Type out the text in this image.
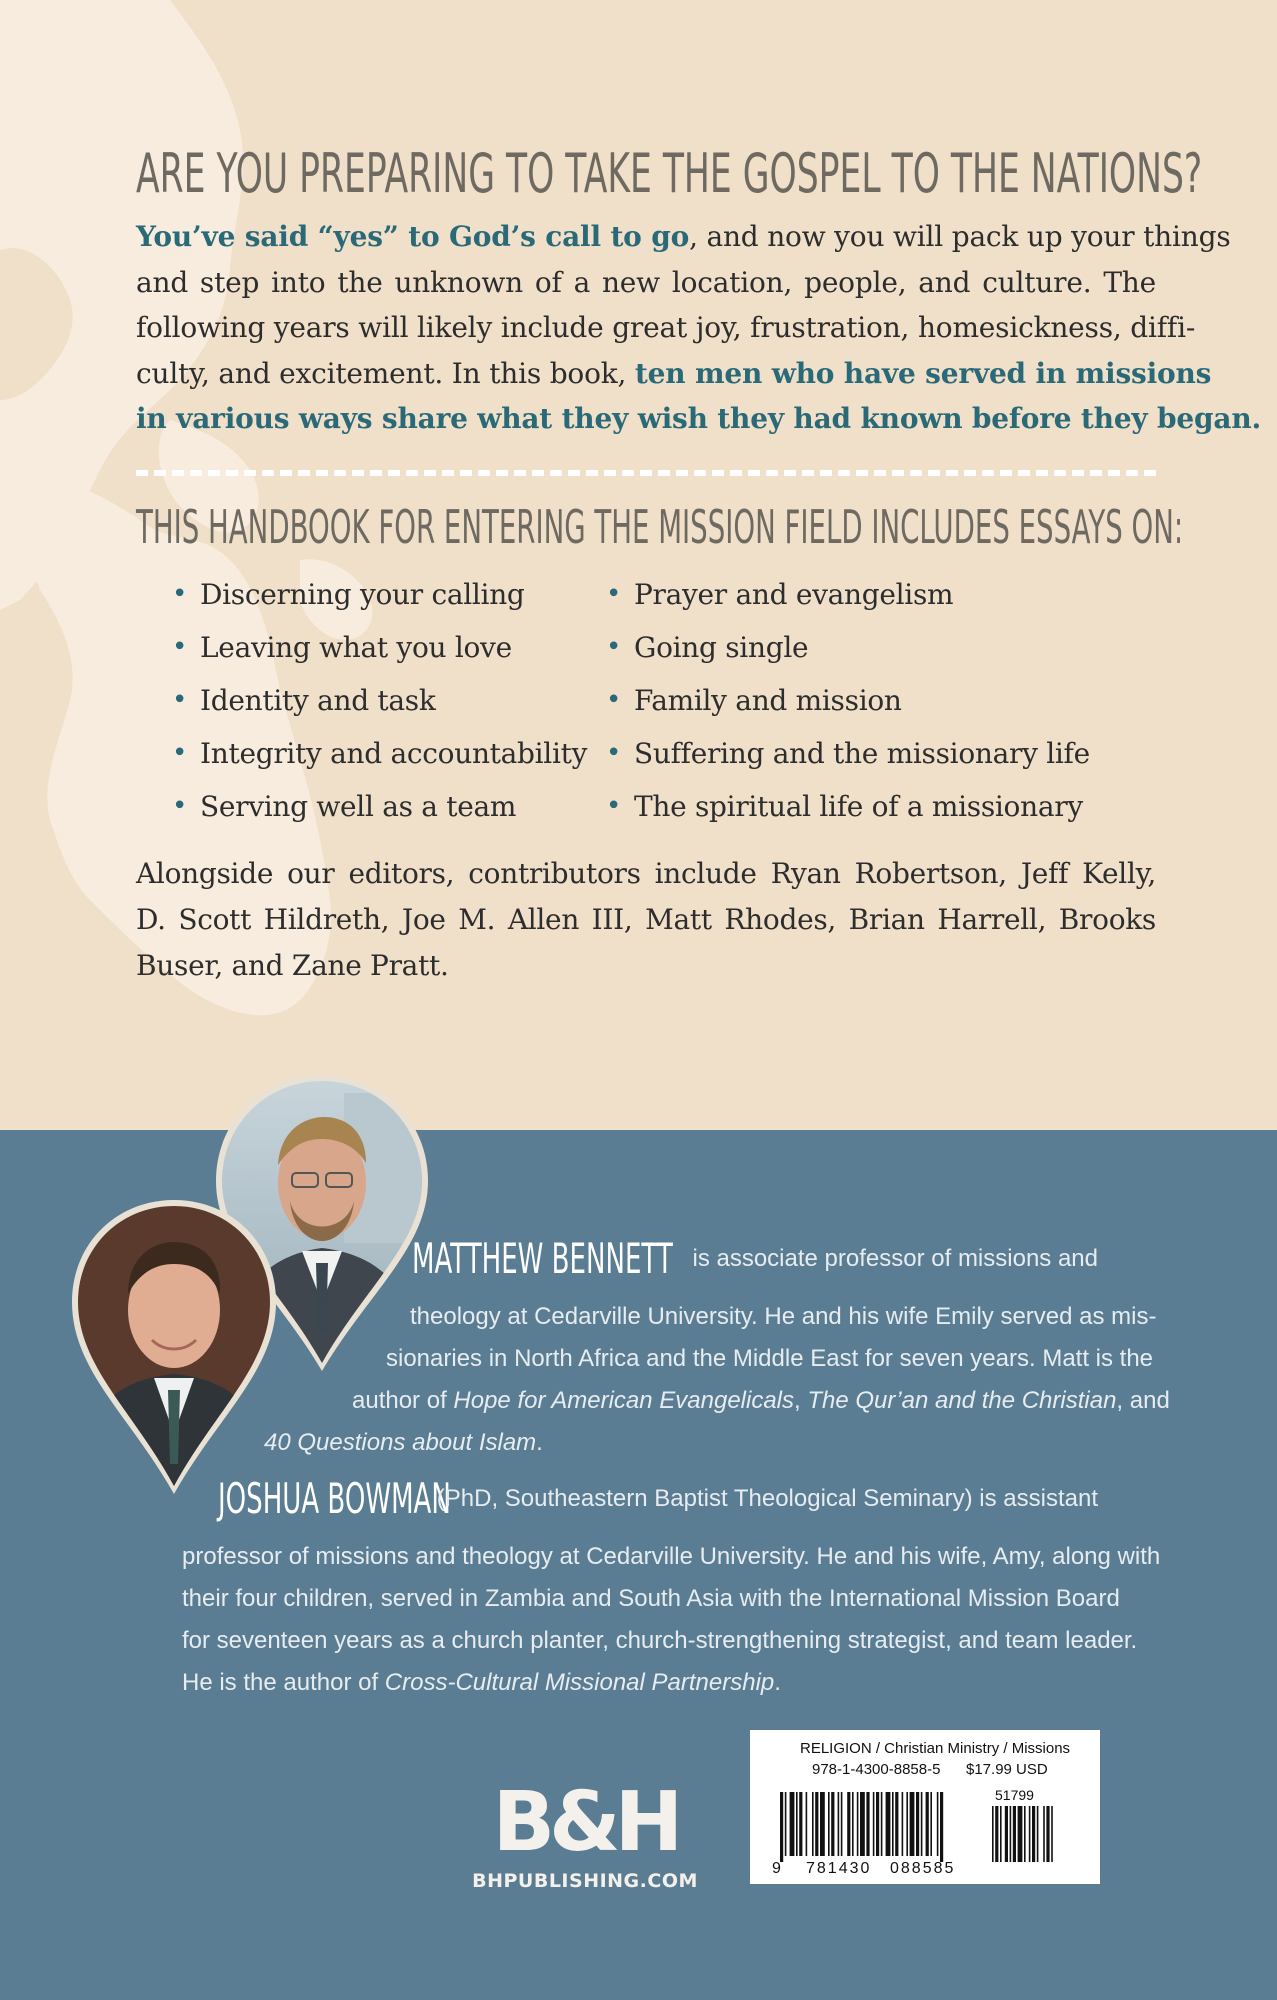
ARE YOU PREPARING TO TAKE THE GOSPEL TO THE NATIONS?
You’ve said “yes” to God’s call to go, and now you will pack up your things
and step into the unknown of a new location, people, and culture. The
following years will likely include great joy, frustration, homesickness, diffi-
culty, and excitement. In this book, ten men who have served in missions
in various ways share what they wish they had known before they began.
THIS HANDBOOK FOR ENTERING THE MISSION FIELD INCLUDES ESSAYS ON:
• Discerning your calling
• Leaving what you love
• Identity and task
• Integrity and accountability
• Serving well as a team
• Prayer and evangelism
• Going single
• Family and mission
• Suffering and the missionary life
• The spiritual life of a missionary
Alongside our editors, contributors include Ryan Robertson, Jeff Kelly,
D. Scott Hildreth, Joe M. Allen III, Matt Rhodes, Brian Harrell, Brooks
Buser, and Zane Pratt.
MATTHEW BENNETT is associate professor of missions and
theology at Cedarville University. He and his wife Emily served as mis-
sionaries in North Africa and the Middle East for seven years. Matt is the
author of Hope for American Evangelicals, The Qur’an and the Christian, and
40 Questions about Islam.
JOSHUA BOWMAN
(PhD, Southeastern Baptist Theological Seminary) is assistant
professor of missions and theology at Cedarville University. He and his wife, Amy, along with
their four children, served in Zambia and South Asia with the International Mission Board
for seventeen years as a church planter, church-strengthening strategist, and team leader.
He is the author of Cross-Cultural Missional Partnership.
B&H
BHPUBLISHING.COM
RELIGION / Christian Ministry / Missions
978-1-4300-8858-5 $17.99 USD
51799
9 781430 088585
